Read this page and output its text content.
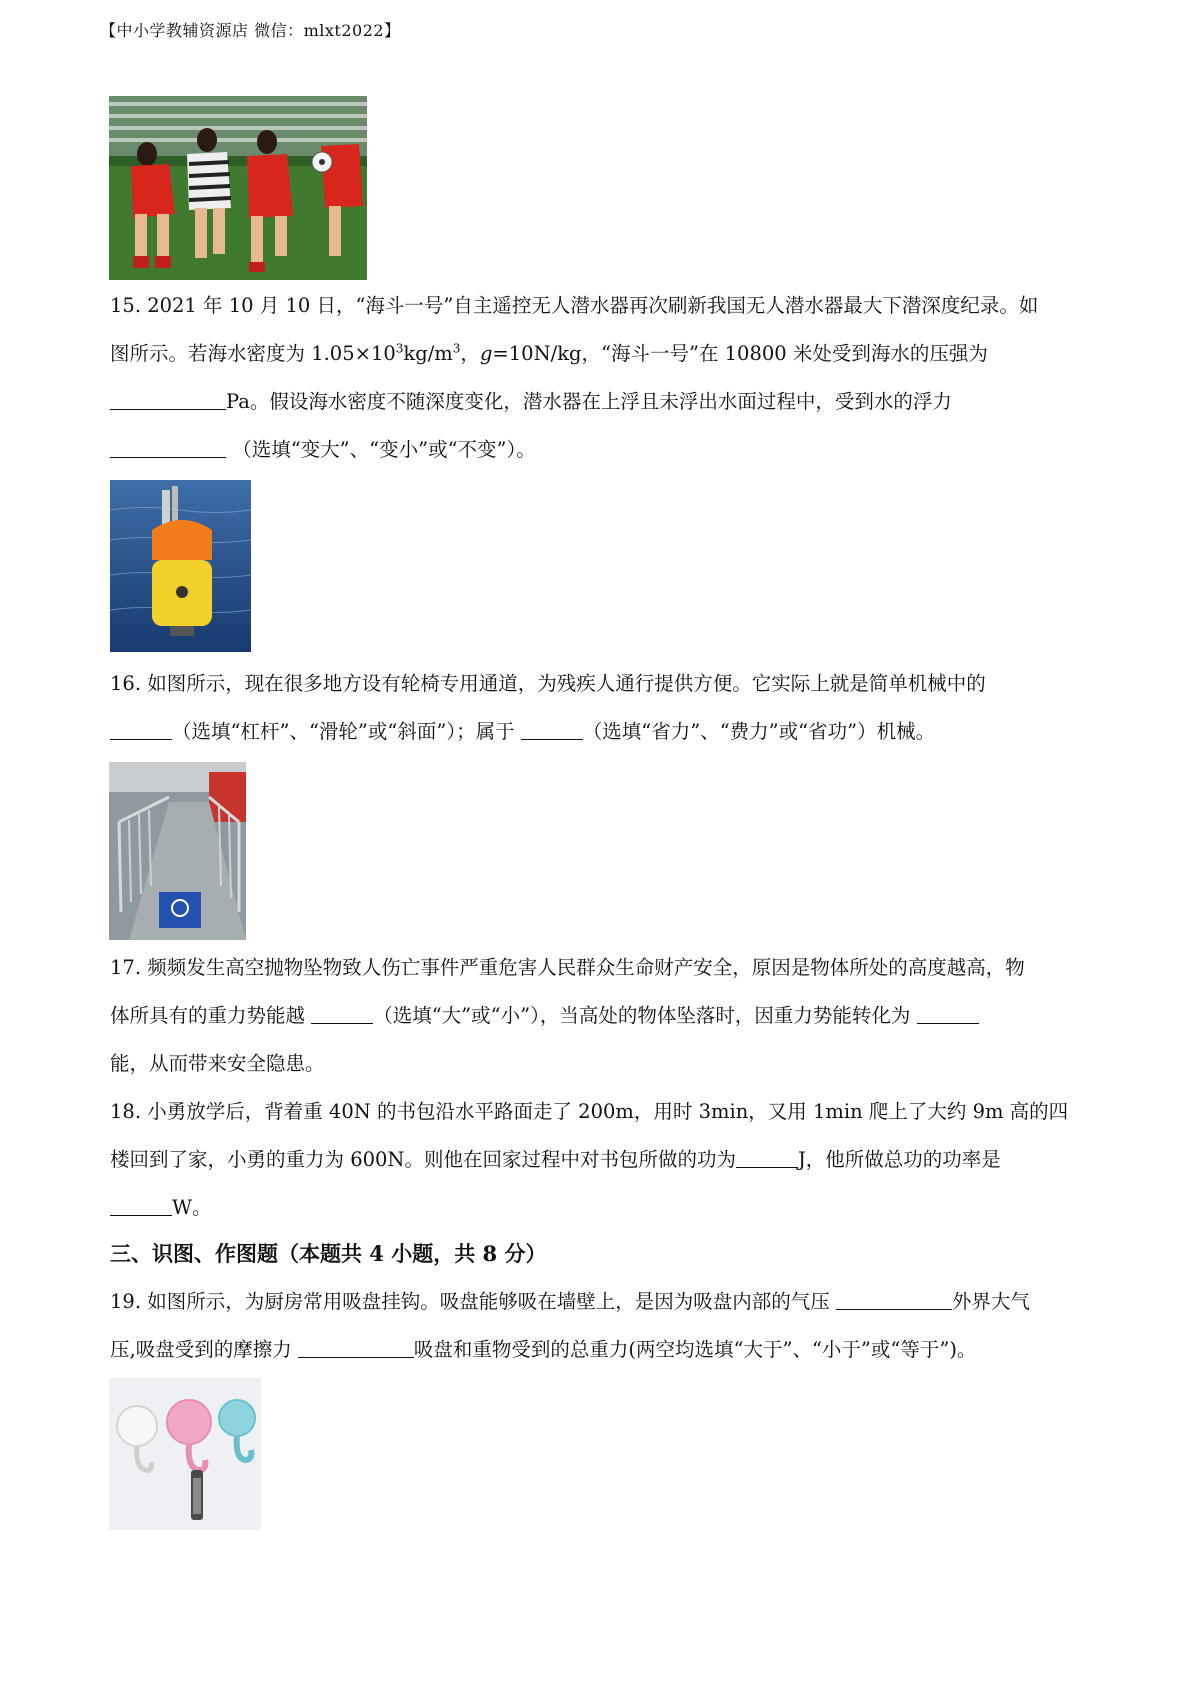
【中小学教辅资源店 微信：mlxt2022】

15. 2021 年 10 月 10 日，“海斗一号”自主遥控无人潜水器再次刷新我国无人潜水器最大下潜深度纪录。如

图所示。若海水密度为 $1.05\times 10^3kg/m^3$，g=10N/kg，“海斗一号”在 10800 米处受到海水的压强为

Pa。假设海水密度不随深度变化，潜水器在上浮且未浮出水面过程中，受到水的浮力

（选填“变大”、“变小”或“不变”）。

16. 如图所示，现在很多地方设有轮椅专用通道，为残疾人通行提供方便。它实际上就是简单机械中的

（选填“杠杆”、“滑轮”或“斜面”）；属于	（选填“省力”、“费力”或“省功”）机械。

17. 频频发生高空抛物坠物致人伤亡事件严重危害人民群众生命财产安全，原因是物体所处的高度越高，物

体所具有的重力势能越	（选填“大”或“小”），当高处的物体坠落时，因重力势能转化为

能，从而带来安全隐患。

18. 小勇放学后，背着重 40N 的书包沿水平路面走了 200m，用时 3min，又用 1min 爬上了大约 9m 高的四

楼回到了家，小勇的重力为 600N。则他在回家过程中对书包所做的功为	J，他所做总功的功率是

W。

三、识图、作图题（本题共 4 小题，共 8 分）

19. 如图所示，为厨房常用吸盘挂钩。吸盘能够吸在墙壁上，是因为吸盘内部的气压	外界大气

压,吸盘受到的摩擦力	吸盘和重物受到的总重力(两空均选填“大于”、“小于”或“等于”)。
